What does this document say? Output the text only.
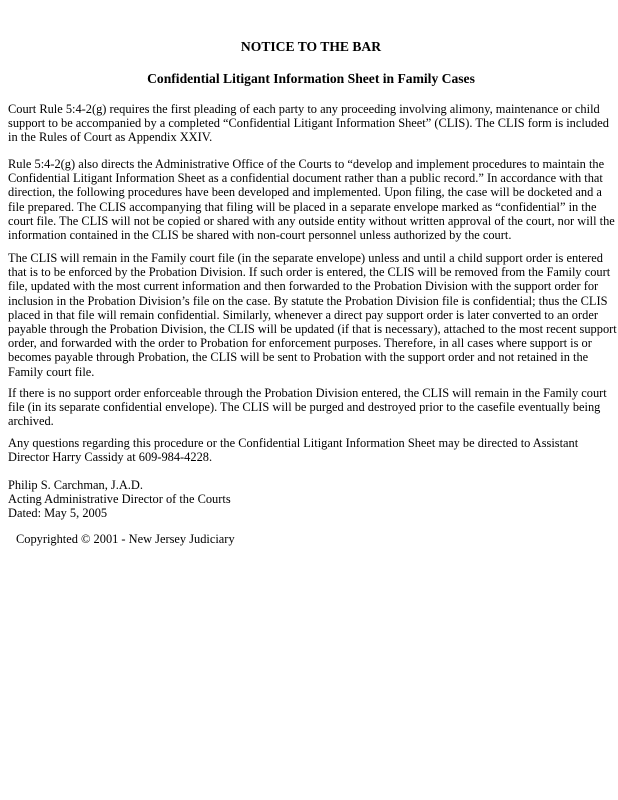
NOTICE TO THE BAR
Confidential Litigant Information Sheet in Family Cases

Court Rule 5:4-2(g) requires the first pleading of each party to any proceeding involving alimony, maintenance or child
support to be accompanied by a completed “Confidential Litigant Information Sheet” (CLIS). The CLIS form is included
in the Rules of Court as Appendix XXIV.

Rule 5:4-2(g) also directs the Administrative Office of the Courts to “develop and implement procedures to maintain the
Confidential Litigant Information Sheet as a confidential document rather than a public record.” In accordance with that
direction, the following procedures have been developed and implemented. Upon filing, the case will be docketed and a
file prepared. The CLIS accompanying that filing will be placed in a separate envelope marked as “confidential” in the
court file. The CLIS will not be copied or shared with any outside entity without written approval of the court, nor will the
information contained in the CLIS be shared with non-court personnel unless authorized by the court.

The CLIS will remain in the Family court file (in the separate envelope) unless and until a child support order is entered
that is to be enforced by the Probation Division. If such order is entered, the CLIS will be removed from the Family court
file, updated with the most current information and then forwarded to the Probation Division with the support order for
inclusion in the Probation Division’s file on the case. By statute the Probation Division file is confidential; thus the CLIS
placed in that file will remain confidential. Similarly, whenever a direct pay support order is later converted to an order
payable through the Probation Division, the CLIS will be updated (if that is necessary), attached to the most recent support
order, and forwarded with the order to Probation for enforcement purposes. Therefore, in all cases where support is or
becomes payable through Probation, the CLIS will be sent to Probation with the support order and not retained in the
Family court file.

If there is no support order enforceable through the Probation Division entered, the CLIS will remain in the Family court
file (in its separate confidential envelope). The CLIS will be purged and destroyed prior to the casefile eventually being
archived.

Any questions regarding this procedure or the Confidential Litigant Information Sheet may be directed to Assistant
Director Harry Cassidy at 609-984-4228.

Philip S. Carchman, J.A.D.
Acting Administrative Director of the Courts
Dated: May 5, 2005

Copyrighted © 2001 - New Jersey Judiciary
